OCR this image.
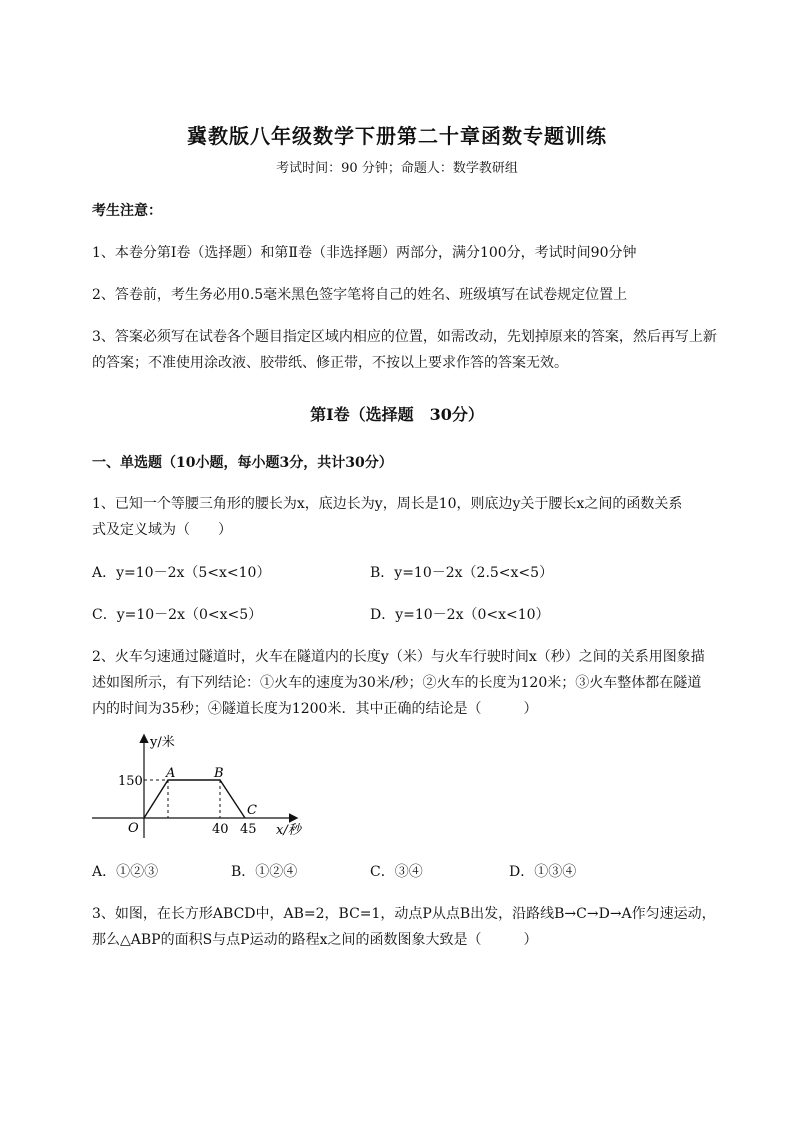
冀教版八年级数学下册第二十章函数专题训练
考试时间：90 分钟；命题人：数学教研组
考生注意：
1、本卷分第Ⅰ卷（选择题）和第Ⅱ卷（非选择题）两部分，满分100分，考试时间90分钟
2、答卷前，考生务必用0.5毫米黑色签字笔将自己的姓名、班级填写在试卷规定位置上
3、答案必须写在试卷各个题目指定区域内相应的位置，如需改动，先划掉原来的答案，然后再写上新
的答案；不准使用涂改液、胶带纸、修正带，不按以上要求作答的答案无效。
第Ⅰ卷（选择题　30分）
一、单选题（10小题，每小题3分，共计30分）
1、已知一个等腰三角形的腰长为x，底边长为y，周长是10，则底边y关于腰长x之间的函数关系
式及定义域为（　　）
A．y=10－2x（5<x<10）	B．y=10－2x（2.5<x<5）
C．y=10－2x（0<x<5）	D．y=10－2x（0<x<10）
2、火车匀速通过隧道时，火车在隧道内的长度y（米）与火车行驶时间x（秒）之间的关系用图象描
述如图所示，有下列结论：①火车的速度为30米/秒；②火车的长度为120米；③火车整体都在隧道
内的时间为35秒；④隧道长度为1200米．其中正确的结论是（　　　）
y/米
x/秒
O
150
40 45
A	B
C
A．①②③	B．①②④	C．③④	D．①③④
3、如图，在长方形ABCD中，AB=2，BC=1，动点P从点B出发，沿路线B→C→D→A作匀速运动，
那么△ABP的面积S与点P运动的路程x之间的函数图象大致是（　　　）
